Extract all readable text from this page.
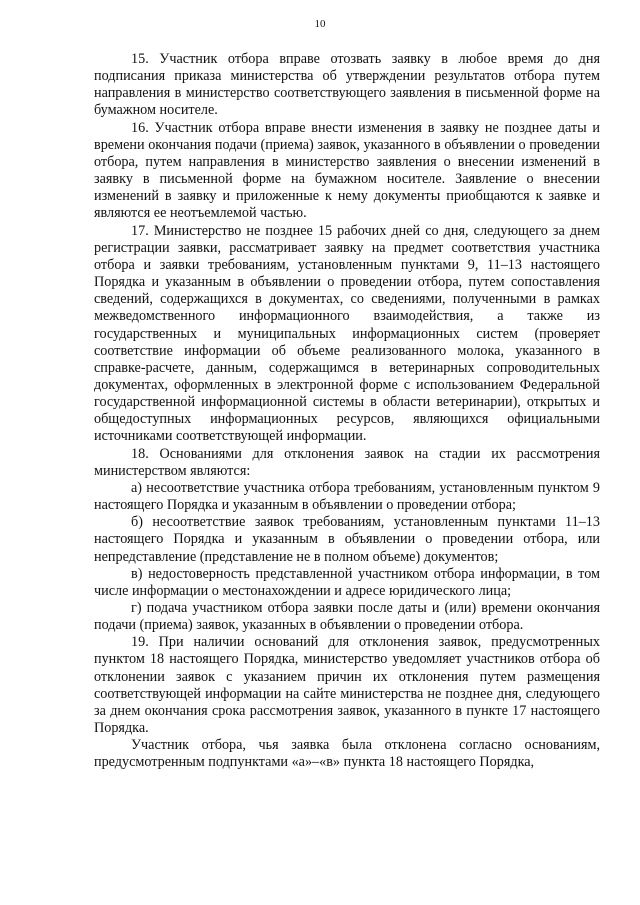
10

15. Участник отбора вправе отозвать заявку в любое время до дня подписания приказа министерства об утверждении результатов отбора путем направления в министерство соответствующего заявления в письменной форме на бумажном носителе.

16. Участник отбора вправе внести изменения в заявку не позднее даты и времени окончания подачи (приема) заявок, указанного в объявлении о проведении отбора, путем направления в министерство заявления о внесении изменений в заявку в письменной форме на бумажном носителе. Заявление о внесении изменений в заявку и приложенные к нему документы приобщаются к заявке и являются ее неотъемлемой частью.

17. Министерство не позднее 15 рабочих дней со дня, следующего за днем регистрации заявки, рассматривает заявку на предмет соответствия участника отбора и заявки требованиям, установленным пунктами 9, 11–13 настоящего Порядка и указанным в объявлении о проведении отбора, путем сопоставления сведений, содержащихся в документах, со сведениями, полученными в рамках межведомственного информационного взаимодействия, а также из государственных и муниципальных информационных систем (проверяет соответствие информации об объеме реализованного молока, указанного в справке-расчете, данным, содержащимся в ветеринарных сопроводительных документах, оформленных в электронной форме с использованием Федеральной государственной информационной системы в области ветеринарии), открытых и общедоступных информационных ресурсов, являющихся официальными источниками соответствующей информации.

18. Основаниями для отклонения заявок на стадии их рассмотрения министерством являются:

а) несоответствие участника отбора требованиям, установленным пунктом 9 настоящего Порядка и указанным в объявлении о проведении отбора;

б) несоответствие заявок требованиям, установленным пунктами 11–13 настоящего Порядка и указанным в объявлении о проведении отбора, или непредставление (представление не в полном объеме) документов;

в) недостоверность представленной участником отбора информации, в том числе информации о местонахождении и адресе юридического лица;

г) подача участником отбора заявки после даты и (или) времени окончания подачи (приема) заявок, указанных в объявлении о проведении отбора.

19. При наличии оснований для отклонения заявок, предусмотренных пунктом 18 настоящего Порядка, министерство уведомляет участников отбора об отклонении заявок с указанием причин их отклонения путем размещения соответствующей информации на сайте министерства не позднее дня, следующего за днем окончания срока рассмотрения заявок, указанного в пункте 17 настоящего Порядка.

Участник отбора, чья заявка была отклонена согласно основаниям, предусмотренным подпунктами «а»–«в» пункта 18 настоящего Порядка,
